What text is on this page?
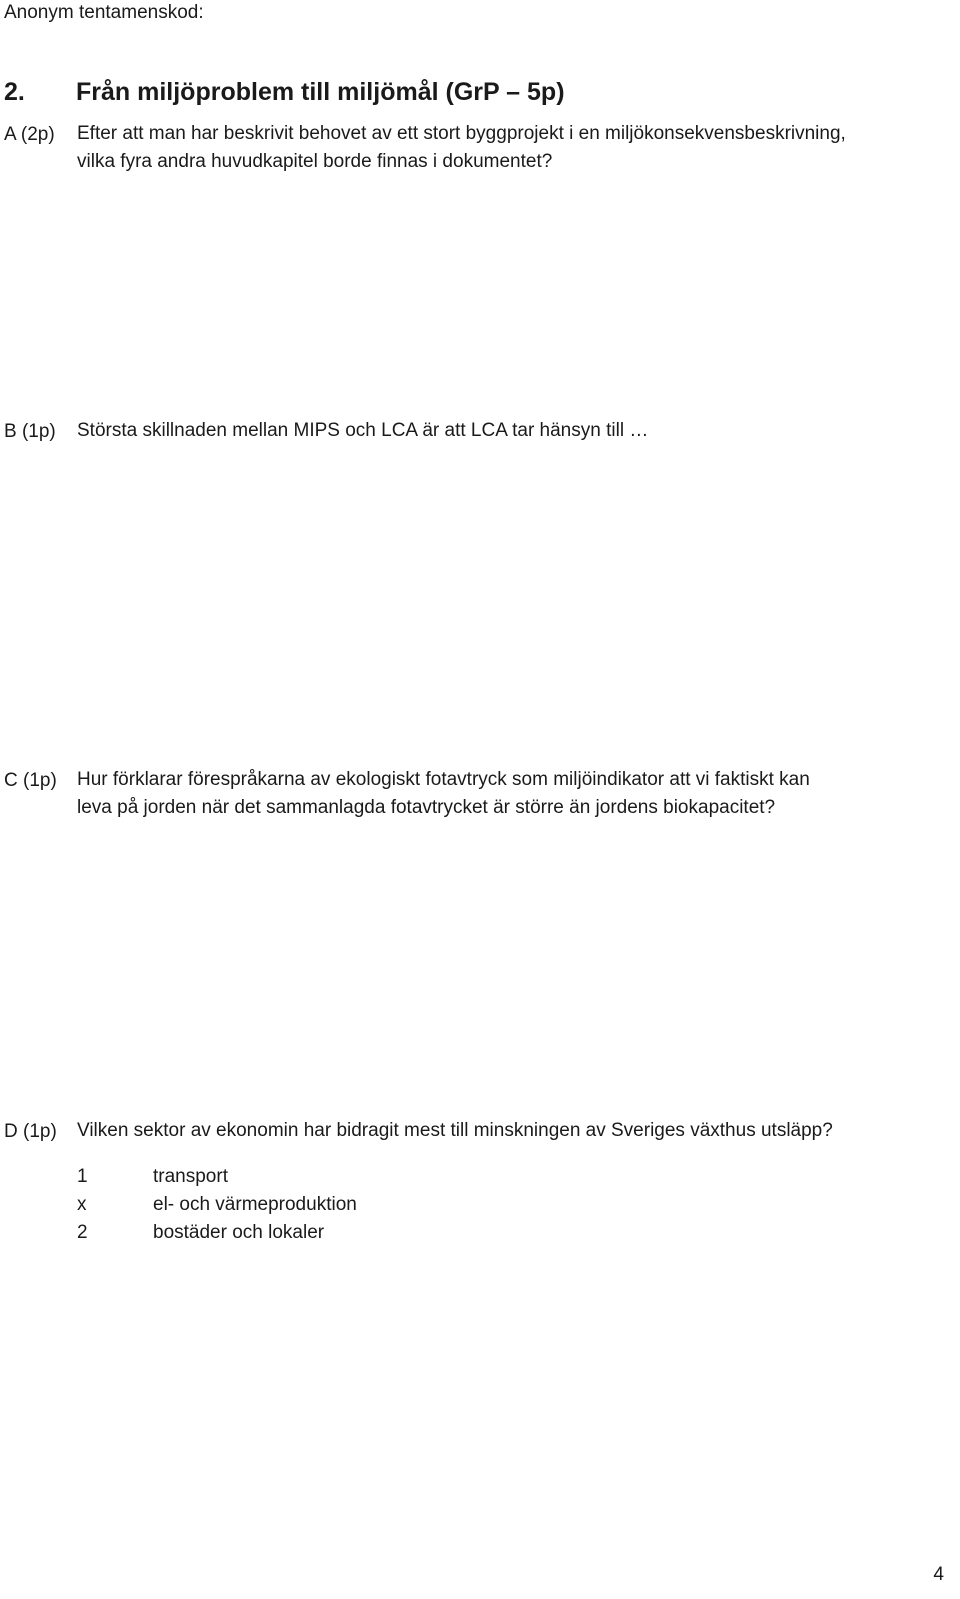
Anonym tentamenskod:
2. Från miljöproblem till miljömål (GrP – 5p)
A (2p) Efter att man har beskrivit behovet av ett stort byggprojekt i en miljökonsekvensbeskrivning,
vilka fyra andra huvudkapitel borde finnas i dokumentet?
B (1p) Största skillnaden mellan MIPS och LCA är att LCA tar hänsyn till …
C (1p) Hur förklarar förespråkarna av ekologiskt fotavtryck som miljöindikator att vi faktiskt kan
leva på jorden när det sammanlagda fotavtrycket är större än jordens biokapacitet?
D (1p) Vilken sektor av ekonomin har bidragit mest till minskningen av Sveriges växthus utsläpp?
1	transport
x	el- och värmeproduktion
2	bostäder och lokaler
4
